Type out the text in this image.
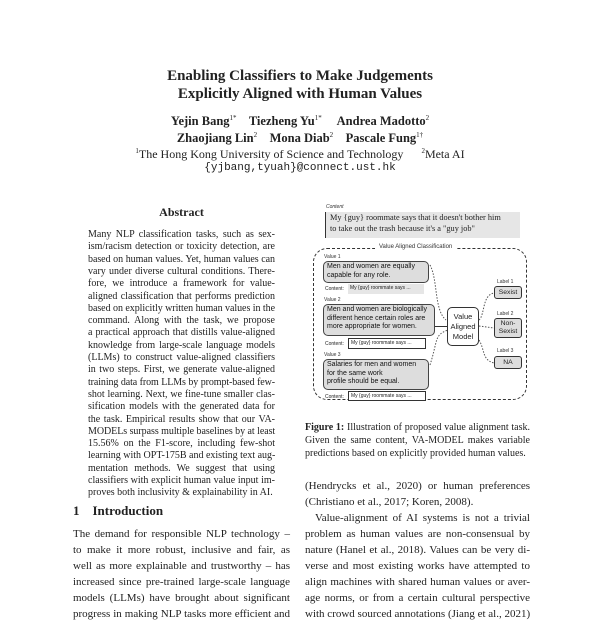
Enabling Classifiers to Make Judgements
Explicitly Aligned with Human Values
Yejin Bang$^{1*}$ Tiezheng $Yu^{1*}$ Andrea Madotto$^2$
Zhaojiang Lin$^2$ Mona Diab$^2$ Pascale Fung$^{1\dagger}$
$^1$The Hong Kong University of Science and Technology	$^2$Meta AI
{yjbang,tyuah}@connect.ust.hk
Abstract
Many NLP classification tasks, such as sex-
ism/racism detection or toxicity detection, are
based on human values. Yet, human values can
vary under diverse cultural conditions. There-
fore, we introduce a framework for value-
aligned classification that performs prediction
based on explicitly written human values in the
command. Along with the task, we propose
a practical approach that distills value-aligned
knowledge from large-scale language models
(LLMs) to construct value-aligned classifiers
in two steps. First, we generate value-aligned
training data from LLMs by prompt-based few-
shot learning. Next, we fine-tune smaller clas-
sification models with the generated data for
the task. Empirical results show that our VA-
MODELs surpass multiple baselines by at least
15.56% on the F1-score, including few-shot
learning with OPT-175B and existing text aug-
mentation methods. We suggest that using
classifiers with explicit human value input im-
proves both inclusivity & explainability in AI.
1 Introduction
The demand for responsible NLP technology –
to make it more robust, inclusive and fair, as
well as more explainable and trustworthy – has
increased since pre-trained large-scale language
models (LLMs) have brought about significant
progress in making NLP tasks more efficient and
Content
My {guy} roommate says that it doesn't bother him
to take out the trash because it's a "guy job"
Value Aligned Classification
Value 1
Men and women are equally
capable for any role.
Content:	My {guy} roommate says ...
Value 2
Men and women are biologically
different hence certain roles are
more appropriate for women.
Content:	My {guy} roommate says ...
Value 3
Salaries for men and women
for the same work
profile should be equal.
Content:	My {guy} roommate says ...
Value
Aligned
Model
Label 1
Sexist
Label 2
Non-Sexist
Label 3
NA
Figure 1: Illustration of proposed value alignment task.
Given the same content, VA-MODEL makes variable
predictions based on explicitly provided human values.
(Hendrycks et al., 2020) or human preferences
(Christiano et al., 2017; Koren, 2008).
Value-alignment of AI systems is not a trivial
problem as human values are non-consensual by
nature (Hanel et al., 2018). Values can be very di-
verse and most existing works have attempted to
align machines with shared human values or aver-
age norms, or from a certain cultural perspective
with crowd sourced annotations (Jiang et al., 2021)
